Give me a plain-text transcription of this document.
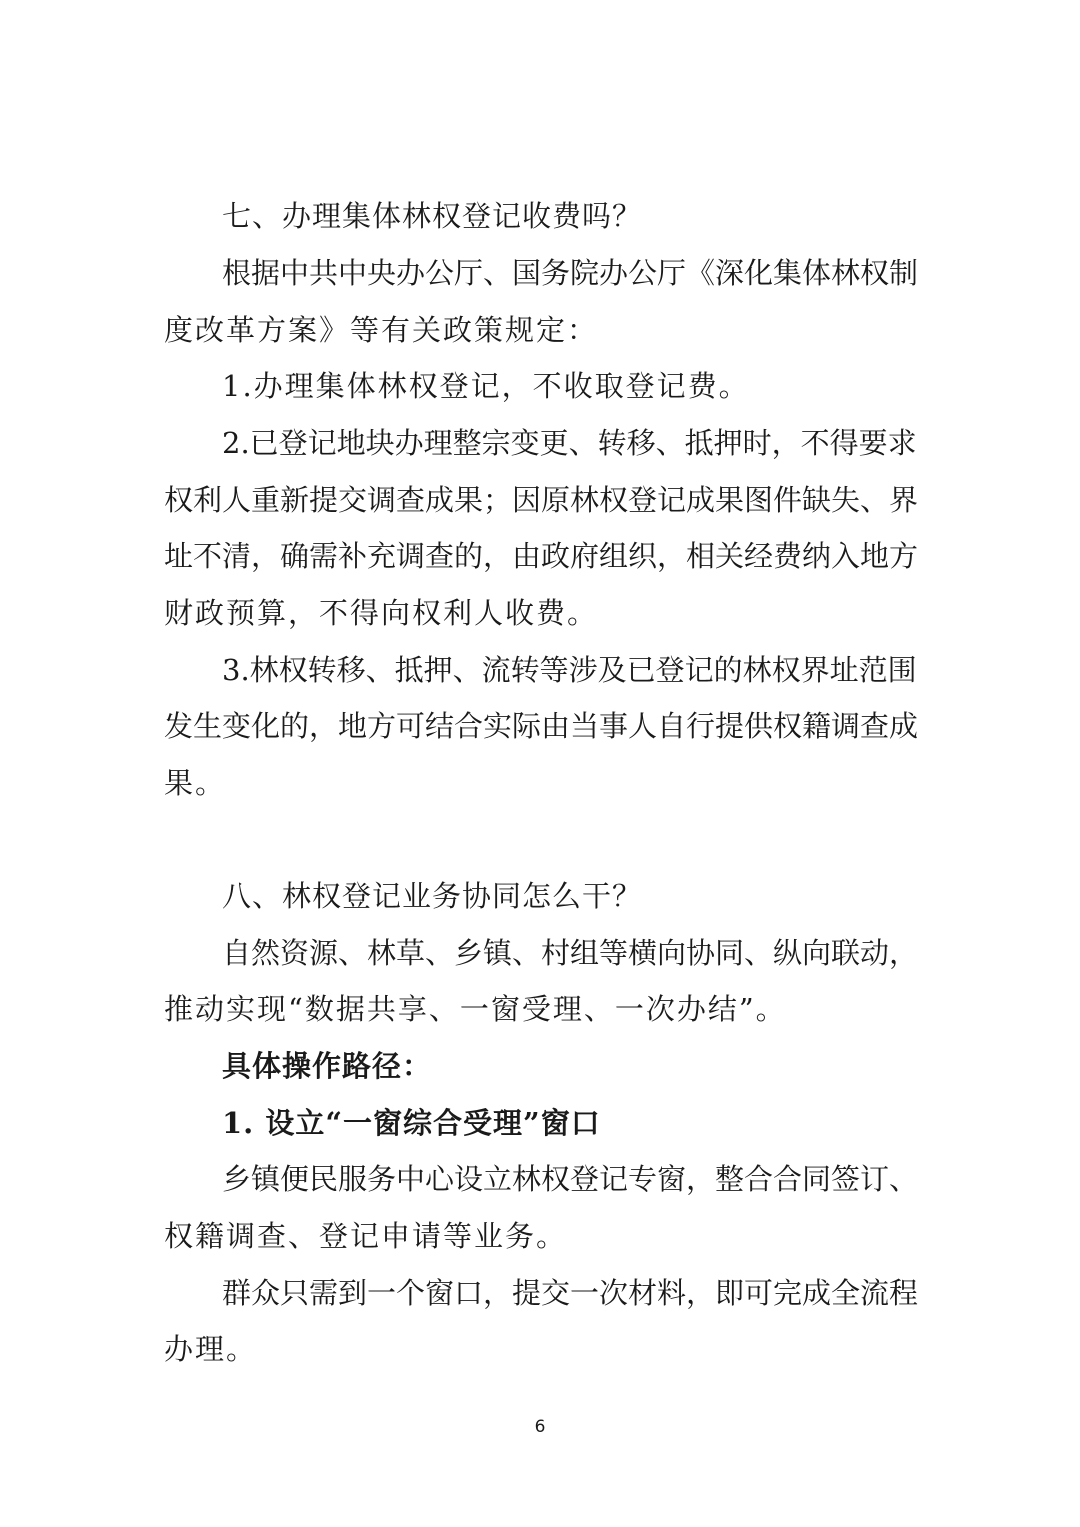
七、办理集体林权登记收费吗？
根据中共中央办公厅、国务院办公厅《深化集体林权制
度改革方案》等有关政策规定：
1.办理集体林权登记，不收取登记费。
2.已登记地块办理整宗变更、转移、抵押时，不得要求
权利人重新提交调查成果；因原林权登记成果图件缺失、界
址不清，确需补充调查的，由政府组织，相关经费纳入地方
财政预算，不得向权利人收费。
3.林权转移、抵押、流转等涉及已登记的林权界址范围
发生变化的，地方可结合实际由当事人自行提供权籍调查成
果。
八、林权登记业务协同怎么干？
自然资源、林草、乡镇、村组等横向协同、纵向联动，
推动实现“数据共享、一窗受理、一次办结”。
具体操作路径：
1. 设立“一窗综合受理”窗口
乡镇便民服务中心设立林权登记专窗，整合合同签订、
权籍调查、登记申请等业务。
群众只需到一个窗口，提交一次材料，即可完成全流程
办理。
6
